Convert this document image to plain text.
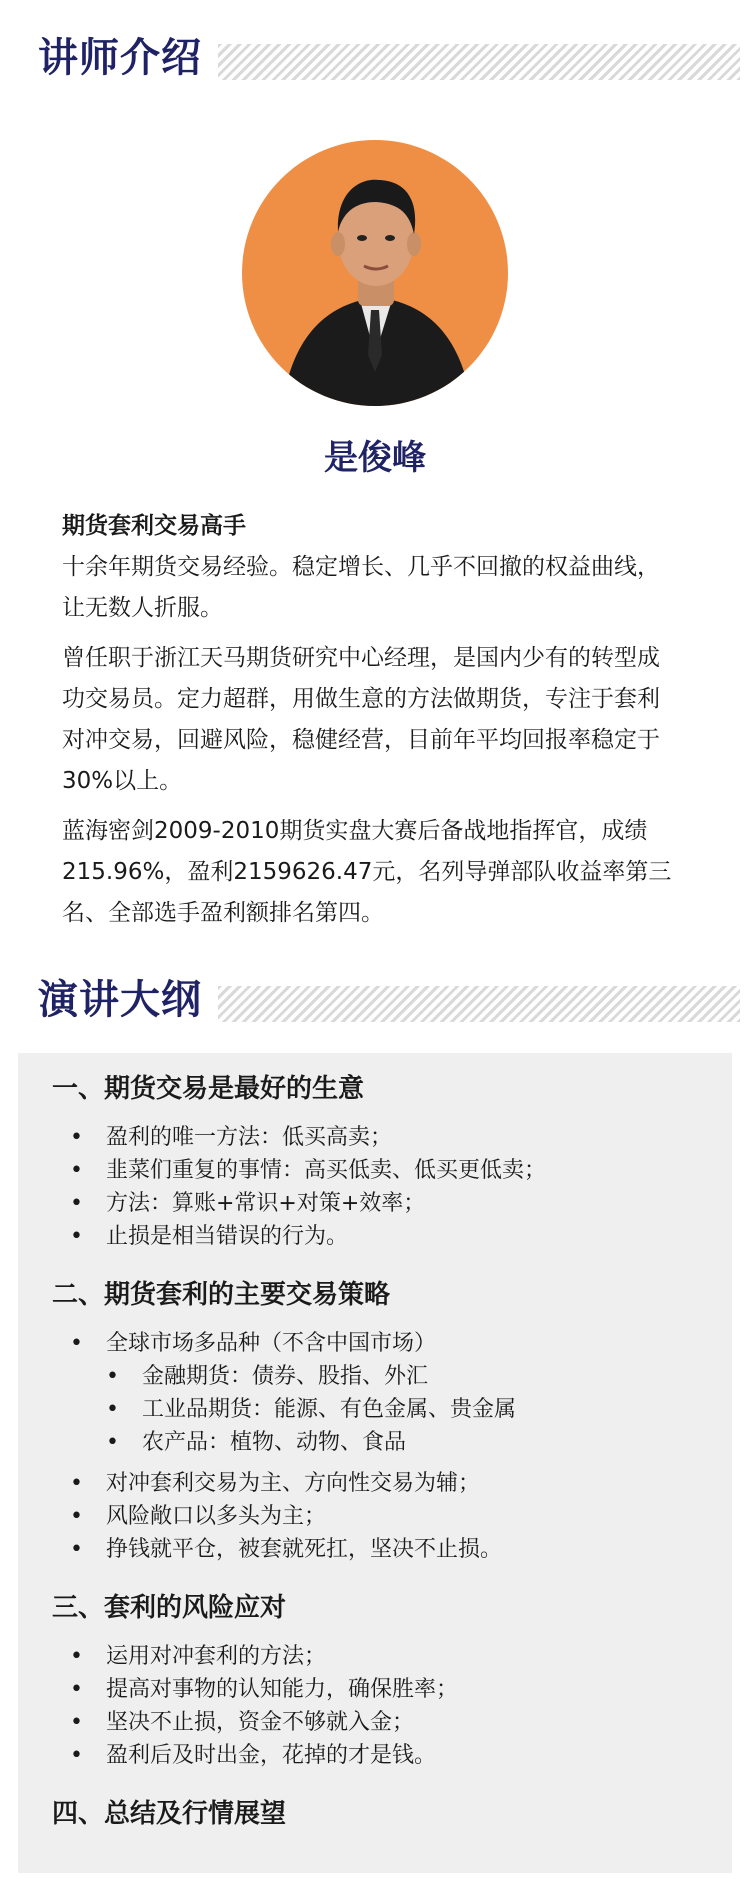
讲师介绍
是俊峰
期货套利交易高手

十余年期货交易经验。稳定增长、几乎不回撤的权益曲线，让无数人折服。

曾任职于浙江天马期货研究中心经理，是国内少有的转型成功交易员。定力超群，用做生意的方法做期货，专注于套利对冲交易，回避风险，稳健经营，目前年平均回报率稳定于30%以上。

蓝海密剑2009-2010期货实盘大赛后备战地指挥官，成绩215.96%，盈利2159626.47元，名列导弹部队收益率第三名、全部选手盈利额排名第四。

演讲大纲
一、期货交易是最好的生意
• 盈利的唯一方法：低买高卖；
• 韭菜们重复的事情：高买低卖、低买更低卖；
• 方法：算账+常识+对策+效率；
• 止损是相当错误的行为。
二、期货套利的主要交易策略
• 全球市场多品种（不含中国市场）
• 金融期货：债券、股指、外汇
• 工业品期货：能源、有色金属、贵金属
• 农产品：植物、动物、食品
• 对冲套利交易为主、方向性交易为辅；
• 风险敞口以多头为主；
• 挣钱就平仓，被套就死扛，坚决不止损。
三、套利的风险应对
• 运用对冲套利的方法；
• 提高对事物的认知能力，确保胜率；
• 坚决不止损，资金不够就入金；
• 盈利后及时出金，花掉的才是钱。
四、总结及行情展望
